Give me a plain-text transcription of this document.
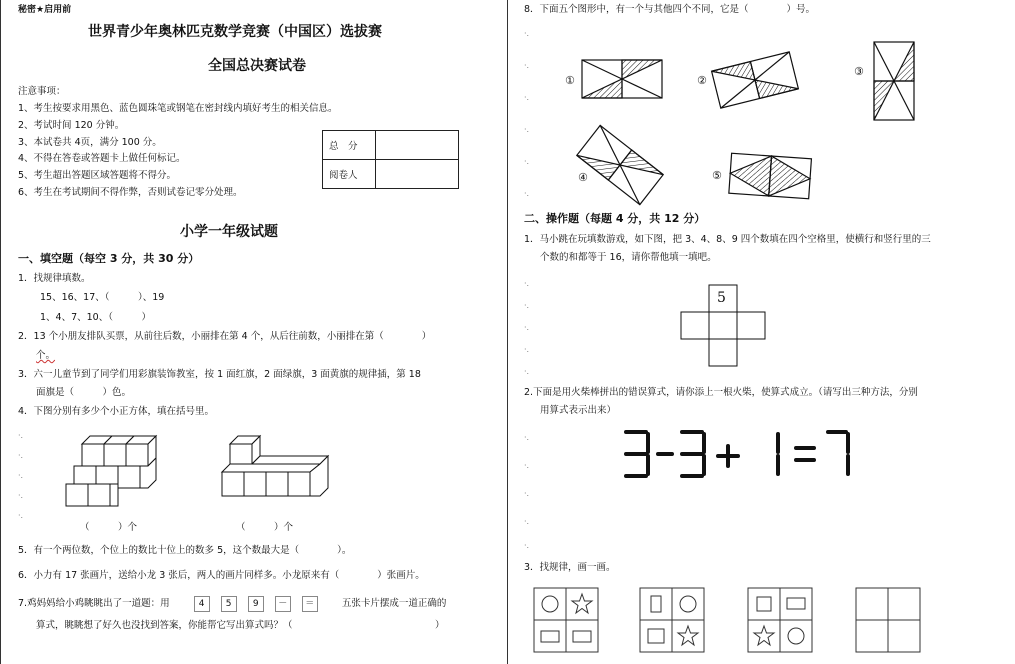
秘密★启用前
世界青少年奥林匹克数学竞赛（中国区）选拔赛
全国总决赛试卷
注意事项：
1、考生按要求用黑色、蓝色圆珠笔或钢笔在密封线内填好考生的相关信息。
2、考试时间 120 分钟。
3、本试卷共 4页，满分 100 分。
4、不得在答卷或答题卡上做任何标记。
5、考生超出答题区域答题将不得分。
6、考生在考试期间不得作弊，否则试卷记零分处理。
总　分	
阅卷人	
小学一年级试题
一、填空题（每空 3 分，共 30 分）
1．找规律填数。
15、16、17、（　　　）、19
1、4、7、10、（　　　）
2．13 个小朋友排队买票，从前往后数，小丽排在第 4 个，从后往前数，小丽排在第（　　　　）
个。
3．六一儿童节到了同学们用彩旗装饰教室，按 1 面红旗，2 面绿旗，3 面黄旗的规律插，第 18
面旗是（　　　）色。
4．下图分别有多少个小正方体，填在括号里。
（　　　）个	（　　　）个
5．有一个两位数，个位上的数比十位上的数多 5，这个数最大是（　　　　）。
6．小力有 17 张画片，送给小龙 3 张后，两人的画片同样多。小龙原来有（　　　　）张画片。
7.鸡妈妈给小鸡眺眺出了一道题：用	4 5 9 － ＝	五张卡片摆成一道正确的
算式，眺眺想了好久也没找到答案，你能帮它写出算式吗？（　　　　　　　　　　　　　　　）
8．下面五个图形中，有一个与其他四个不同，它是（　　　　）号。
①	②
③
④	⑤
二、操作题（每题 4 分，共 12 分）
1．马小跳在玩填数游戏，如下图，把 3、4、8、9 四个数填在四个空格里，使横行和竖行里的三
个数的和都等于 16，请你帮他填一填吧。
5
2.下面是用火柴棒拼出的错误算式，请你添上一根火柴，使算式成立。（请写出三种方法，分别
用算式表示出来）
3．找规律，画一画。
·.
·.
·.
·.
·.
·.
·.
·.
·.
·.
·.
·.
·.
·.
·.
·.
·.
·.
·.
·.
·.
